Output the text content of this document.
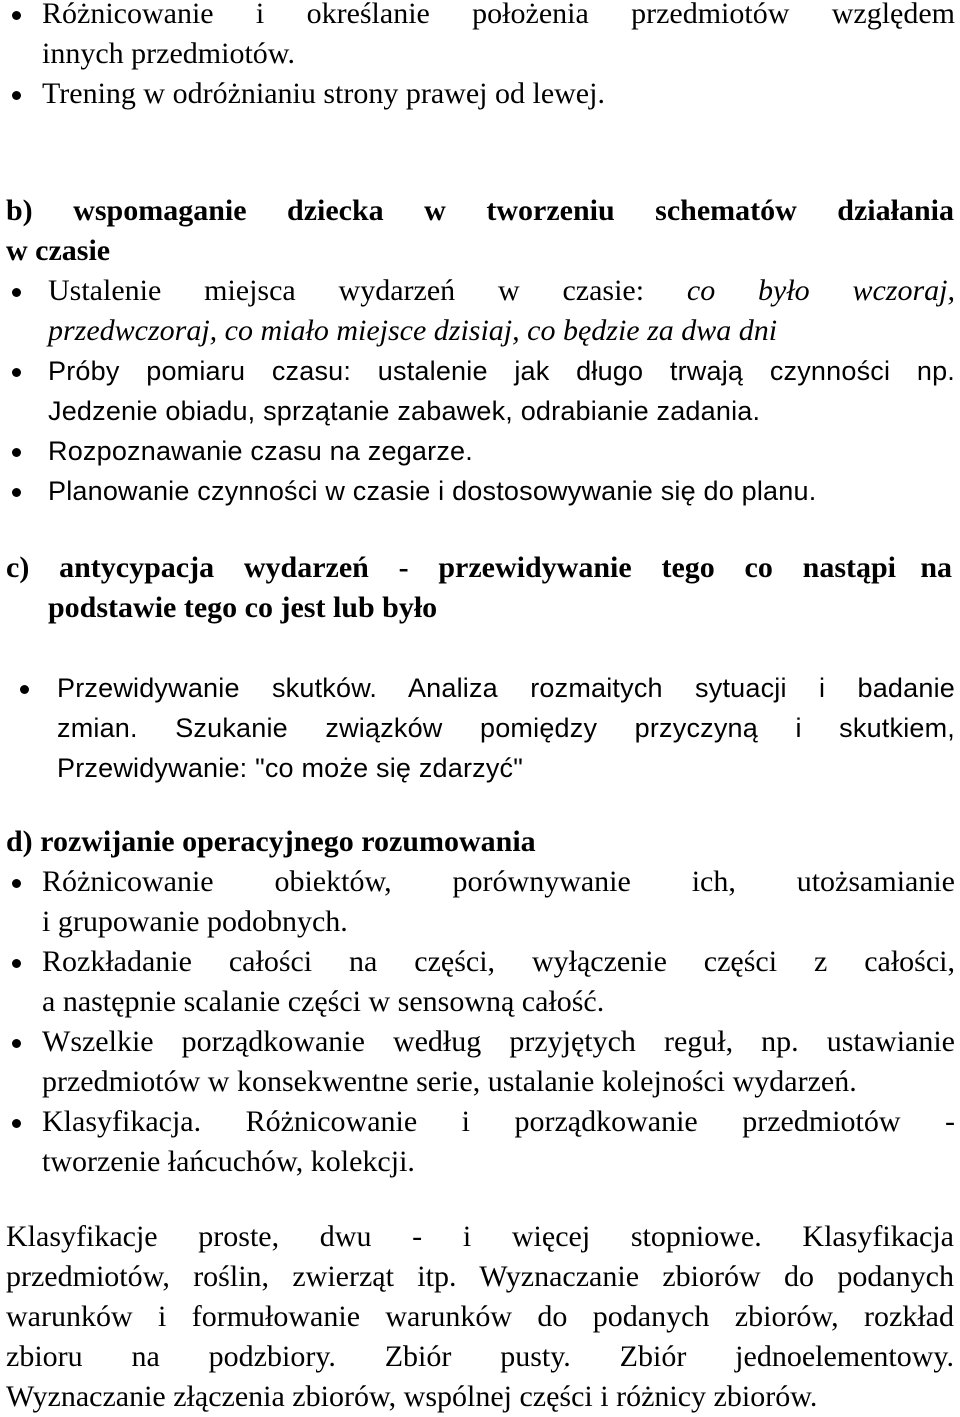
Różnicowanie i określanie położenia przedmiotów względem
innych przedmiotów.
Trening w odróżnianiu strony prawej od lewej.
b) wspomaganie dziecka w tworzeniu schematów działania
w czasie
Ustalenie miejsca wydarzeń w czasie: co było wczoraj,
przedwczoraj, co miało miejsce dzisiaj, co będzie za dwa dni
Próby pomiaru czasu: ustalenie jak długo trwają czynności np.
Jedzenie obiadu, sprzątanie zabawek, odrabianie zadania.
Rozpoznawanie czasu na zegarze.
Planowanie czynności w czasie i dostosowywanie się do planu.
c) antycypacja wydarzeń - przewidywanie tego co nastąpi na
podstawie tego co jest lub było
Przewidywanie skutków. Analiza rozmaitych sytuacji i badanie
zmian. Szukanie związków pomiędzy przyczyną i skutkiem,
Przewidywanie: "co może się zdarzyć"
d) rozwijanie operacyjnego rozumowania
Różnicowanie obiektów, porównywanie ich, utożsamianie
i grupowanie podobnych.
Rozkładanie całości na części, wyłączenie części z całości,
a następnie scalanie części w sensowną całość.
Wszelkie porządkowanie według przyjętych reguł, np. ustawianie
przedmiotów w konsekwentne serie, ustalanie kolejności wydarzeń.
Klasyfikacja. Różnicowanie i porządkowanie przedmiotów -
tworzenie łańcuchów, kolekcji.
Klasyfikacje proste, dwu - i więcej stopniowe. Klasyfikacja
przedmiotów, roślin, zwierząt itp. Wyznaczanie zbiorów do podanych
warunków i formułowanie warunków do podanych zbiorów, rozkład
zbioru na podzbiory. Zbiór pusty. Zbiór jednoelementowy.
Wyznaczanie złączenia zbiorów, wspólnej części i różnicy zbiorów.
